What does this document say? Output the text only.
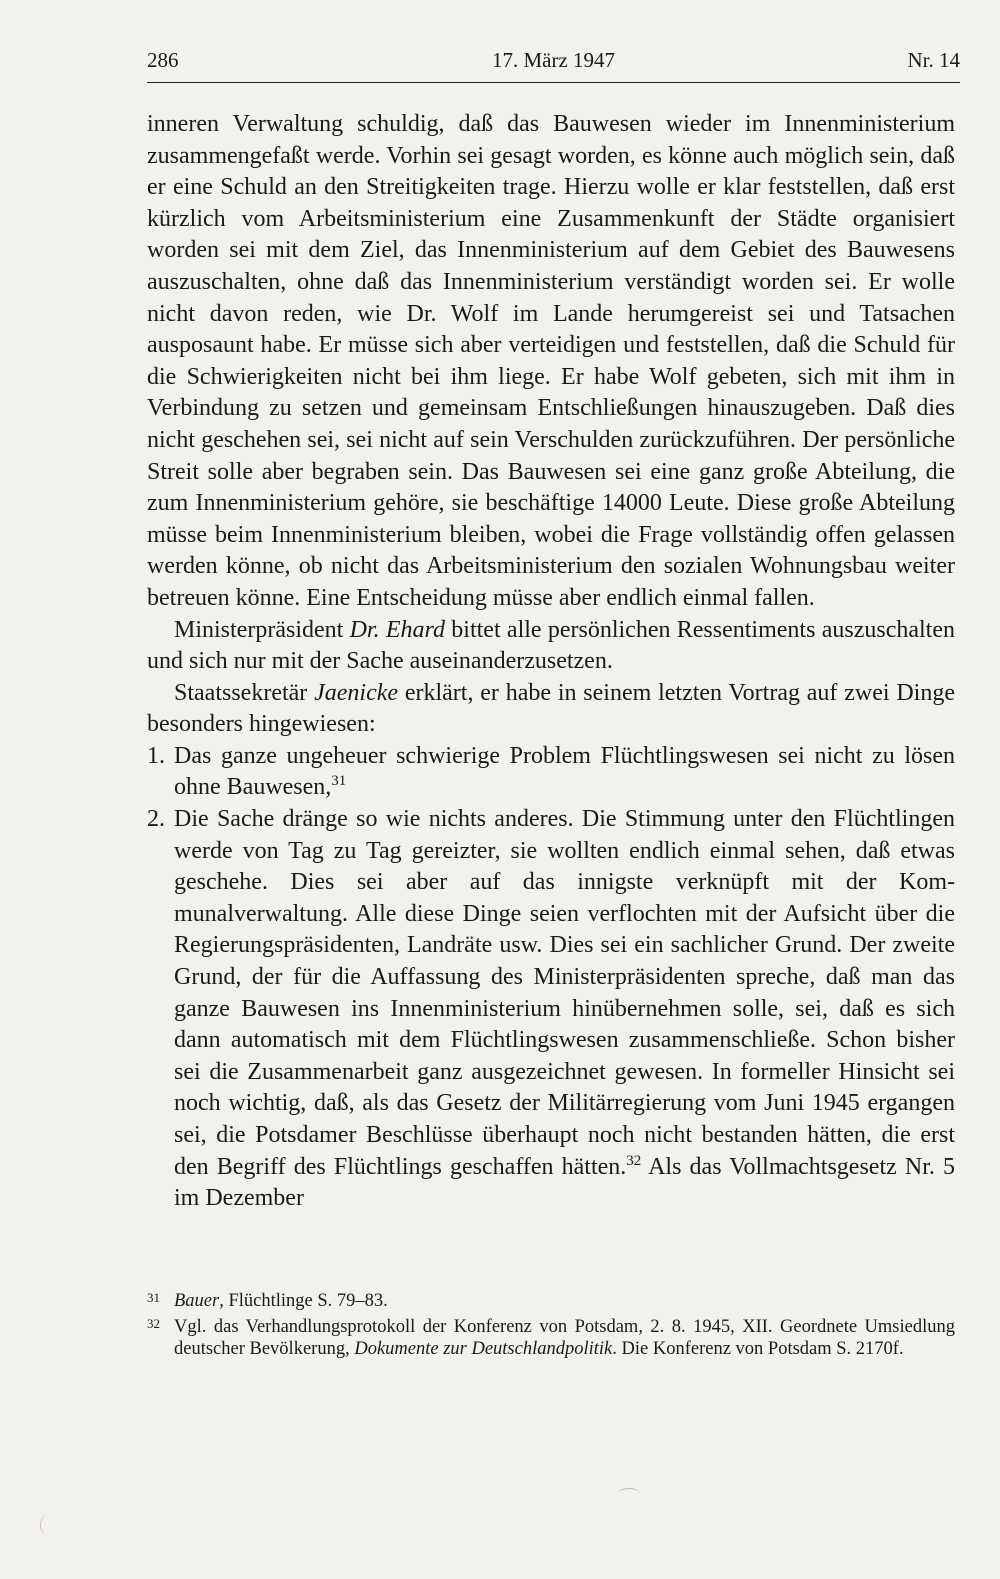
286	17. März 1947	Nr. 14

inneren Verwaltung schuldig, daß das Bauwesen wieder im Innenministerium zusammengefaßt werde. Vorhin sei gesagt worden, es könne auch möglich sein, daß er eine Schuld an den Streitigkeiten trage. Hierzu wolle er klar feststellen, daß erst kürzlich vom Arbeitsministerium eine Zusammenkunft der Städte organisiert worden sei mit dem Ziel, das Innenministerium auf dem Gebiet des Bauwesens auszuschalten, ohne daß das Innenministerium verständigt worden sei. Er wolle nicht davon reden, wie Dr. Wolf im Lande herumgereist sei und Tatsachen ausposaunt habe. Er müsse sich aber verteidigen und feststellen, daß die Schuld für die Schwierigkeiten nicht bei ihm liege. Er habe Wolf gebeten, sich mit ihm in Verbindung zu setzen und gemeinsam Entschließungen hinauszugeben. Daß dies nicht geschehen sei, sei nicht auf sein Verschulden zurückzuführen. Der persönliche Streit solle aber begraben sein. Das Bauwesen sei eine ganz große Abteilung, die zum Innenministerium gehöre, sie beschäftige 14000 Leute. Diese große Abteilung müsse beim Innenministerium bleiben, wobei die Frage vollständig offen gelassen werden könne, ob nicht das Arbeitsministerium den sozialen Wohnungsbau weiter betreuen könne. Eine Entscheidung müsse aber endlich einmal fallen.

Ministerpräsident Dr. Ehard bittet alle persönlichen Ressentiments auszuschalten und sich nur mit der Sache auseinanderzusetzen.

Staatssekretär Jaenicke erklärt, er habe in seinem letzten Vortrag auf zwei Dinge besonders hingewiesen:

1. Das ganze ungeheuer schwierige Problem Flüchtlingswesen sei nicht zu lösen ohne Bauwesen,$^{31}$
2. Die Sache dränge so wie nichts anderes. Die Stimmung unter den Flüchtlingen werde von Tag zu Tag gereizter, sie wollten endlich einmal sehen, daß etwas geschehe. Dies sei aber auf das innigste verknüpft mit der Kommunalverwaltung. Alle diese Dinge seien verflochten mit der Aufsicht über die Regierungspräsidenten, Landräte usw. Dies sei ein sachlicher Grund. Der zweite Grund, der für die Auffassung des Ministerpräsidenten spreche, daß man das ganze Bauwesen ins Innenministerium hinübernehmen solle, sei, daß es sich dann automatisch mit dem Flüchtlingswesen zusammenschließe. Schon bisher sei die Zusammenarbeit ganz ausgezeichnet gewesen. In formeller Hinsicht sei noch wichtig, daß, als das Gesetz der Militärregierung vom Juni 1945 ergangen sei, die Potsdamer Beschlüsse überhaupt noch nicht bestanden hätten, die erst den Begriff des Flüchtlings geschaffen hätten.$^{32}$ Als das Vollmachtsgesetz Nr. 5 im Dezember
31 Bauer, Flüchtlinge S. 79–83.
32 Vgl. das Verhandlungsprotokoll der Konferenz von Potsdam, 2. 8. 1945, XII. Geordnete Umsiedlung deutscher Bevölkerung, Dokumente zur Deutschlandpolitik. Die Konferenz von Potsdam S. 2170f.
